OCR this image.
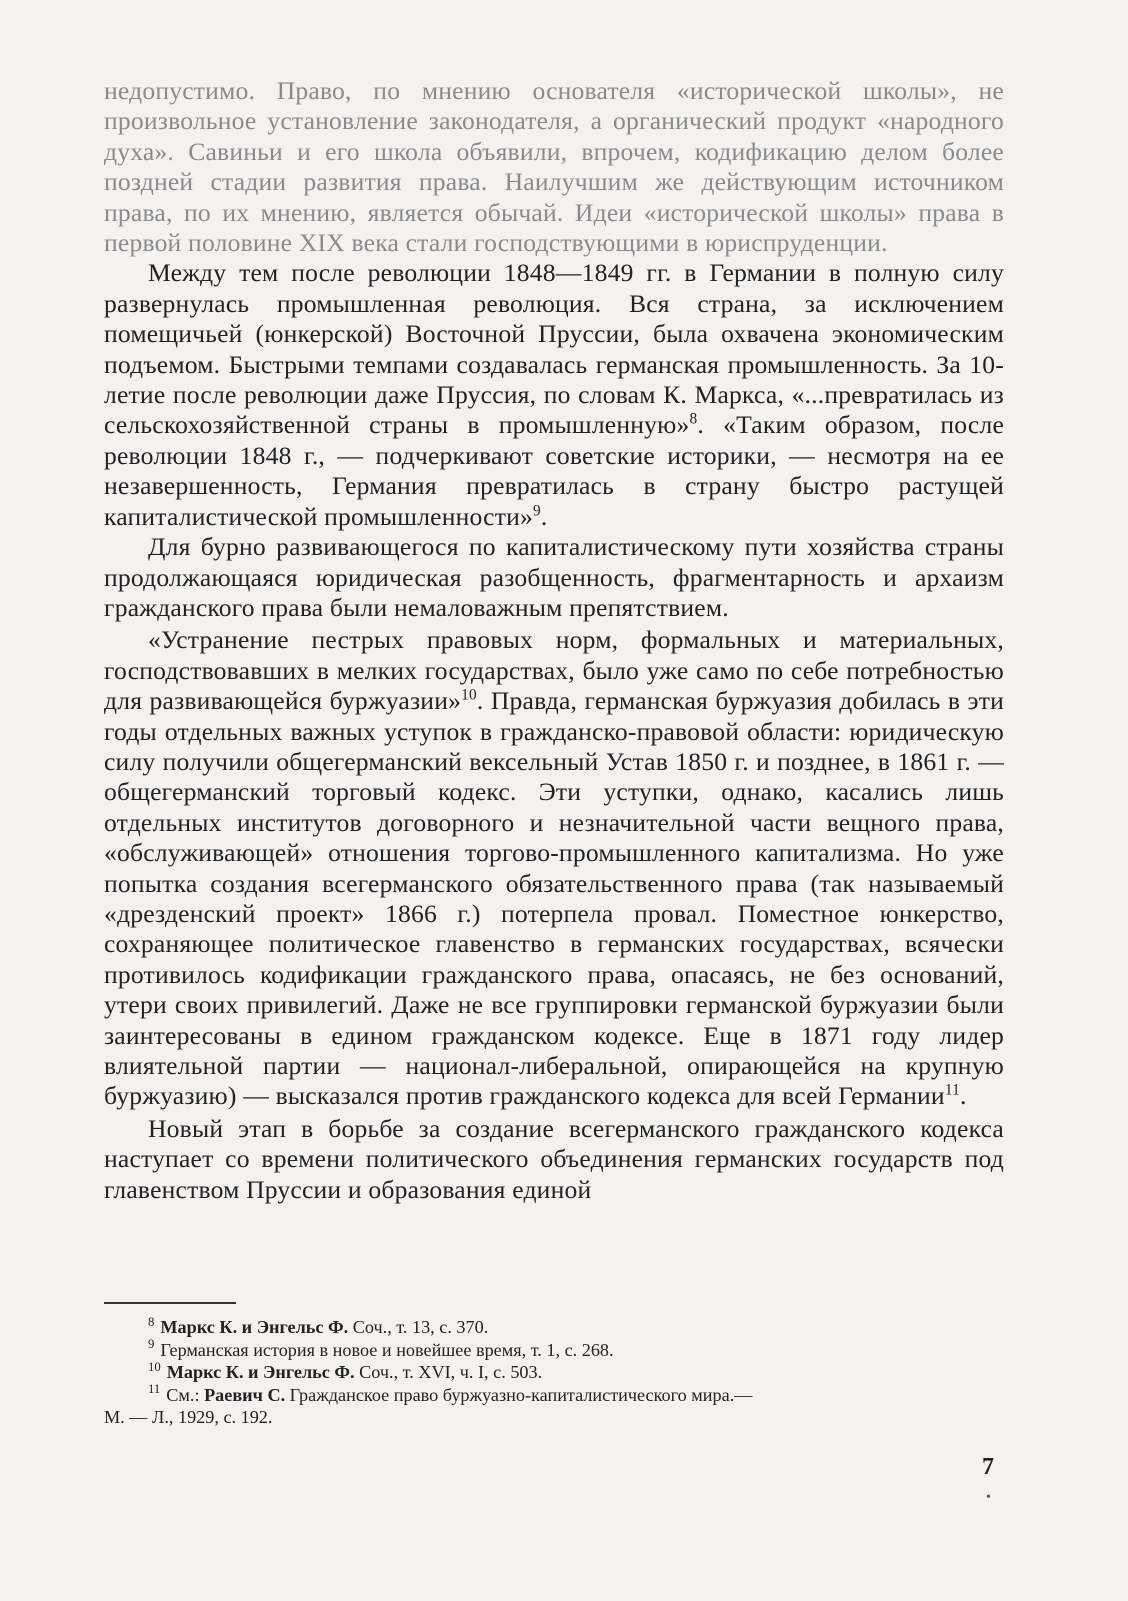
недопустимо. Право, по мнению основателя «исторической школы», не произвольное установление законодателя, а органический продукт «народного духа». Савиньи и его школа объявили, впрочем, кодификацию делом более поздней стадии развития права. Наилучшим же действующим источником права, по их мнению, является обычай. Идеи «исторической школы» права в первой половине XIX века стали господствующими в юриспруденции.

Между тем после революции 1848—1849 гг. в Германии в полную силу развернулась промышленная революция. Вся страна, за исключением помещичьей (юнкерской) Восточной Пруссии, была охвачена экономическим подъемом. Быстрыми темпами создавалась германская промышленность. За 10-летие после революции даже Пруссия, по словам К. Маркса, «...превратилась из сельскохозяйственной страны в промышленную»$^8$. «Таким образом, после революции 1848 г., — подчеркивают советские историки, — несмотря на ее незавершенность, Германия превратилась в страну быстро растущей капиталистической промышленности»$^9$.

Для бурно развивающегося по капиталистическому пути хозяйства страны продолжающаяся юридическая разобщенность, фрагментарность и архаизм гражданского права были немаловажным препятствием.

«Устранение пестрых правовых норм, формальных и материальных, господствовавших в мелких государствах, было уже само по себе потребностью для развивающейся буржуазии»$^{10}$. Правда, германская буржуазия добилась в эти годы отдельных важных уступок в гражданско-правовой области: юридическую силу получили общегерманский вексельный Устав 1850 г. и позднее, в 1861 г. — общегерманский торговый кодекс. Эти уступки, однако, касались лишь отдельных институтов договорного и незначительной части вещного права, «обслуживающей» отношения торгово-промышленного капитализма. Но уже попытка создания всегерманского обязательственного права (так называемый «дрезденский проект» 1866 г.) потерпела провал. Поместное юнкерство, сохраняющее политическое главенство в германских государствах, всячески противилось кодификации гражданского права, опасаясь, не без оснований, утери своих привилегий. Даже не все группировки германской буржуазии были заинтересованы в едином гражданском кодексе. Еще в 1871 году лидер влиятельной партии — национал-либеральной, опирающейся на крупную буржуазию) — высказался против гражданского кодекса для всей Германии$^{11}$.

Новый этап в борьбе за создание всегерманского гражданского кодекса наступает со времени политического объединения германских государств под главенством Пруссии и образования единой

$^8$ Маркс К. и Энгельс Ф. Соч., т. 13, с. 370.

$^9$ Германская история в новое и новейшее время, т. 1, с. 268.

$^{10}$ Маркс К. и Энгельс Ф. Соч., т. XVI, ч. I, с. 503.

$^{11}$ См.: Раевич С. Гражданское право буржуазно-капиталистического мира.—

М. — Л., 1929, с. 192.

7
•
